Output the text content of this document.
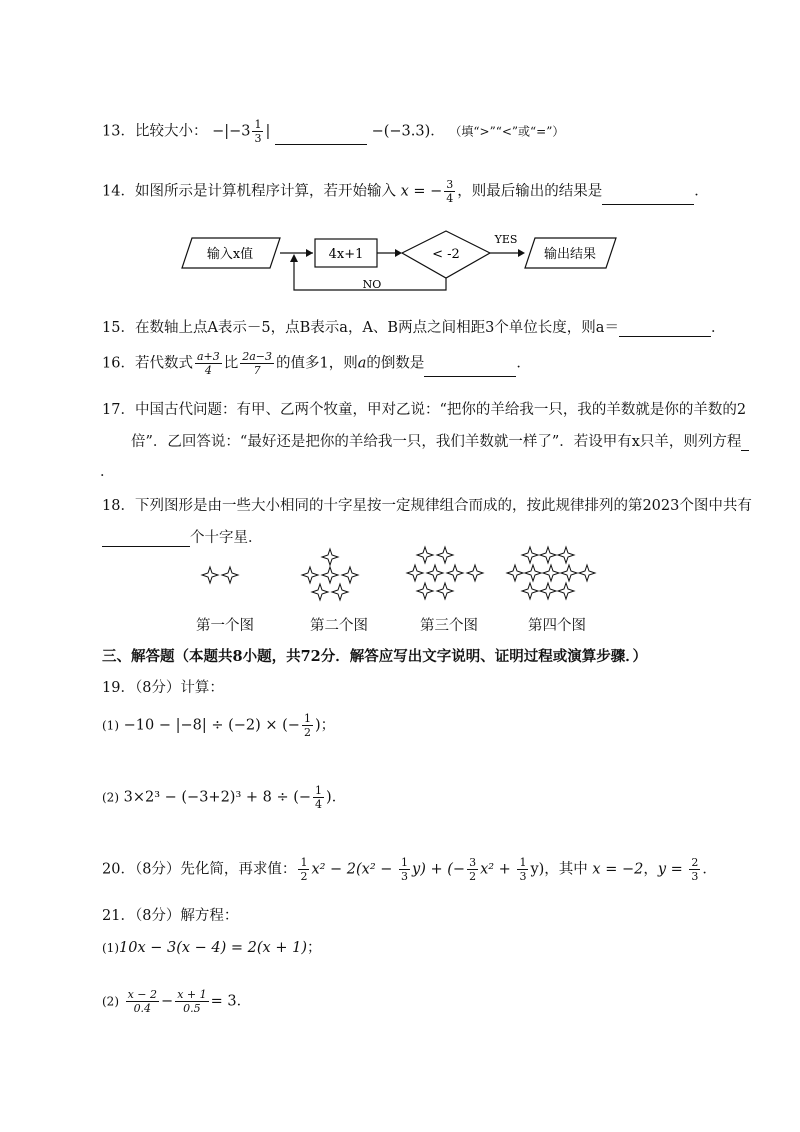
13．比较大小： $-|-3 \frac{1}{3}$ |	−(−3.3)． （填“>”“<”或“=”）
14．如图所示是计算机程序计算，若开始输入 x = − $\frac{3}{4}$ ，则最后输出的结果是	．
输入x值	4x+1	< -2
YES
输出结果
NO
15．在数轴上点A表示－5，点B表示a，A、B两点之间相距3个单位长度，则a＝	．
16．若代数式 $\frac{a+3}{4}$ 比 $\frac{2a-3}{7}$ 的值多1，则a的倒数是	．
17．中国古代问题：有甲、乙两个牧童，甲对乙说：“把你的羊给我一只，我的羊数就是你的羊数的2
倍”．乙回答说：“最好还是把你的羊给我一只，我们羊数就一样了”．若设甲有x只羊，则列方程
．
18．下列图形是由一些大小相同的十字星按一定规律组合而成的，按此规律排列的第2023个图中共有
个十字星．
第一个图	第二个图	第三个图	第四个图
三、解答题（本题共8小题，共72分．解答应写出文字说明、证明过程或演算步骤．）
19．（8分）计算：
(1) −10 − |−8| ÷ (−2) × (− $\frac{1}{2}$ )；
(2) 3×2³ − (−3+2)³ + 8 ÷ (− $\frac{1}{4}$ )．
20．（8分）先化简，再求值： $\frac{1}{2} x^2 - 2(x^2 - \frac{1}{3} y)$ + (− $\frac{3}{2} x^2 + \frac{1}{3} y$)，其中 x = −2，$y = \frac{2}{3}$ ．
21．（8分）解方程：
(1)10x − 3(x − 4) = 2(x + 1)；
$(2) \frac{x - 2}{0.4} - \frac{x + 1}{0.5} = 3$．
